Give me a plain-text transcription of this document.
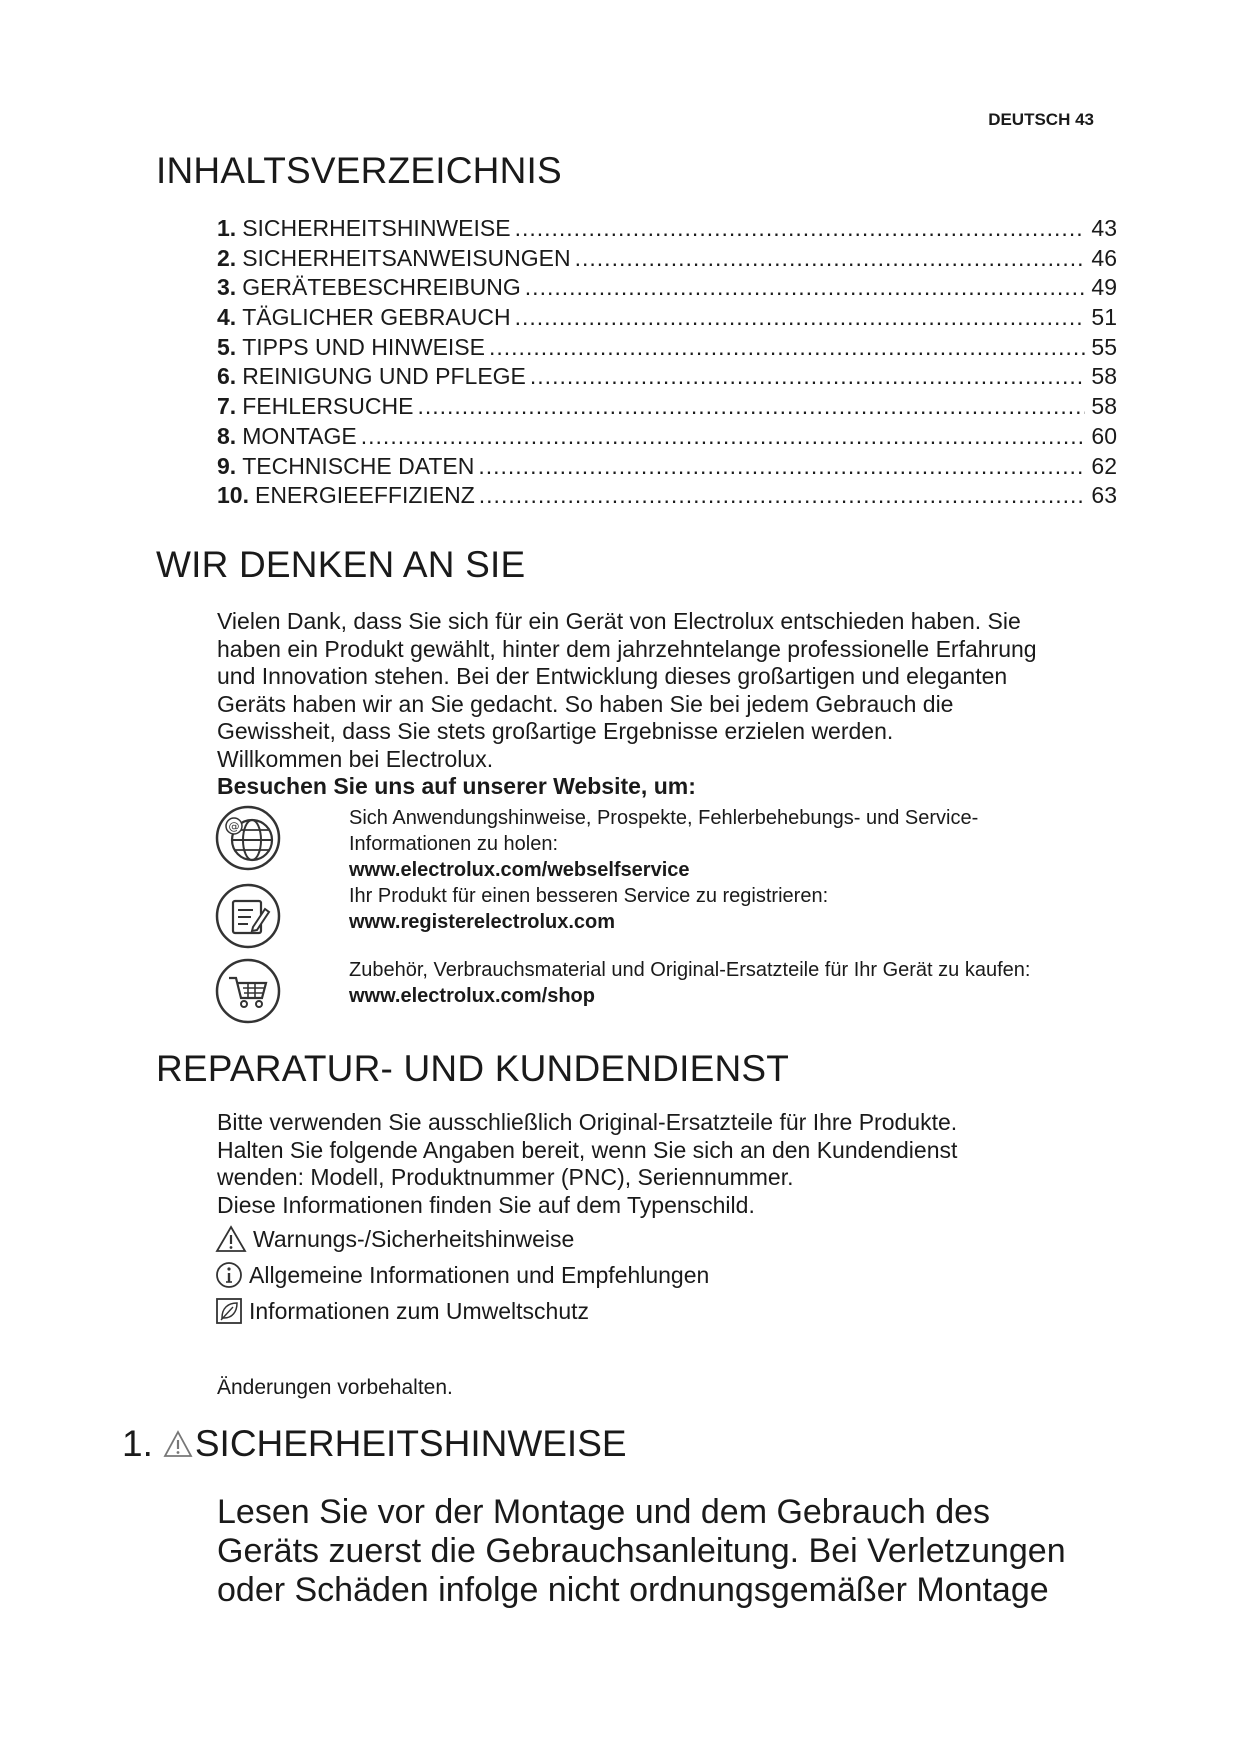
DEUTSCH 43
INHALTSVERZEICHNIS
1. SICHERHEITSHINWEISE .....	43
2. SICHERHEITSANWEISUNGEN .....	46
3. GERÄTEBESCHREIBUNG .....	49
4. TÄGLICHER GEBRAUCH .....	51
5. TIPPS UND HINWEISE .....	55
6. REINIGUNG UND PFLEGE .....	58
7. FEHLERSUCHE .....	58
8. MONTAGE .....	60
9. TECHNISCHE DATEN .....	62
10. ENERGIEEFFIZIENZ .....	63
WIR DENKEN AN SIE

Vielen Dank, dass Sie sich für ein Gerät von Electrolux entschieden haben. Sie

haben ein Produkt gewählt, hinter dem jahrzehntelange professionelle Erfahrung

und Innovation stehen. Bei der Entwicklung dieses großartigen und eleganten

Geräts haben wir an Sie gedacht. So haben Sie bei jedem Gebrauch die

Gewissheit, dass Sie stets großartige Ergebnisse erzielen werden.

Willkommen bei Electrolux.

Besuchen Sie uns auf unserer Website, um:

@	Sich Anwendungshinweise, Prospekte, Fehlerbehebungs- und Service-
Informationen zu holen:
www.electrolux.com/webselfservice
Ihr Produkt für einen besseren Service zu registrieren:
www.registerelectrolux.com
Zubehör, Verbrauchsmaterial und Original-Ersatzteile für Ihr Gerät zu kaufen:
www.electrolux.com/shop
REPARATUR- UND KUNDENDIENST

Bitte verwenden Sie ausschließlich Original-Ersatzteile für Ihre Produkte.

Halten Sie folgende Angaben bereit, wenn Sie sich an den Kundendienst

wenden: Modell, Produktnummer (PNC), Seriennummer.

Diese Informationen finden Sie auf dem Typenschild.

Warnungs-/Sicherheitshinweise
Allgemeine Informationen und Empfehlungen
Informationen zum Umweltschutz
Änderungen vorbehalten.
1. SICHERHEITSHINWEISE
Lesen Sie vor der Montage und dem Gebrauch des
Geräts zuerst die Gebrauchsanleitung. Bei Verletzungen
oder Schäden infolge nicht ordnungsgemäßer Montage
